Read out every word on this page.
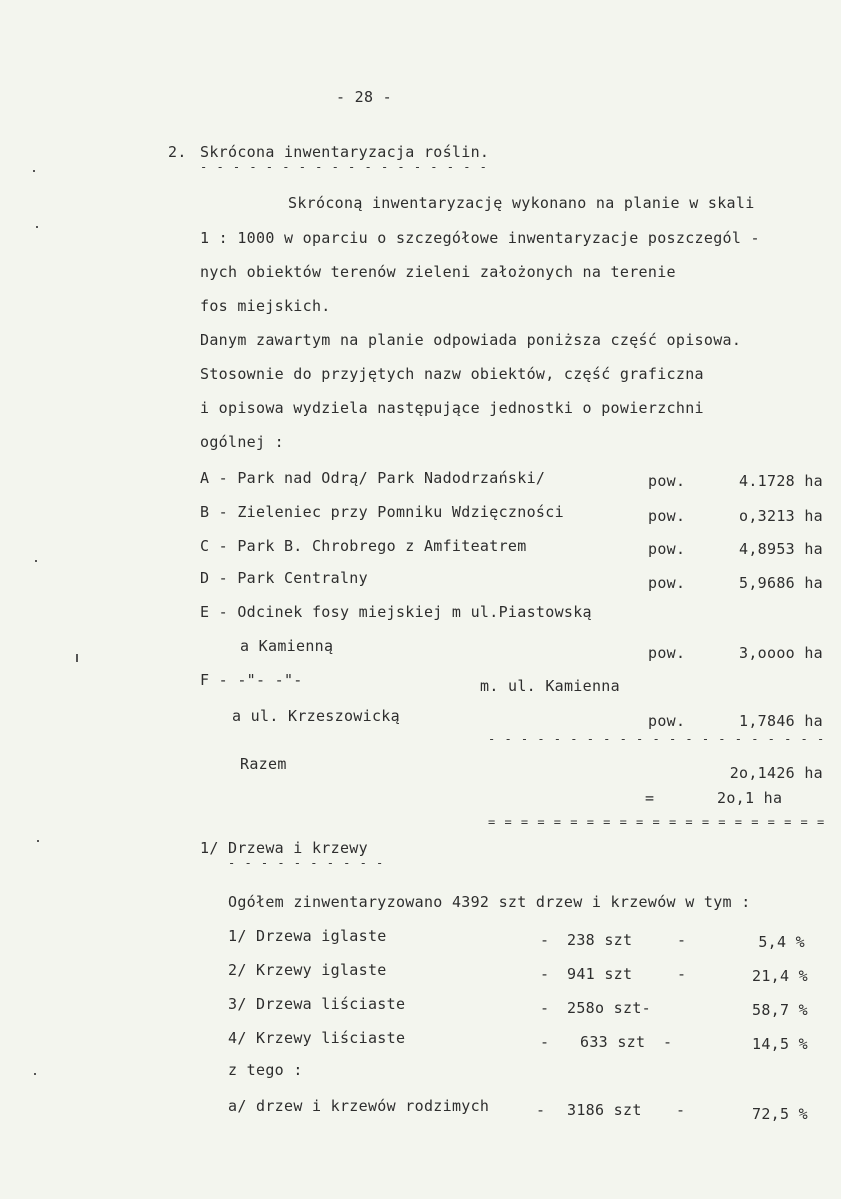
- 28 -
2. Skrócona inwentaryzacja roślin.
- - - - - - - - - - - - - - - - - -
Skróconą inwentaryzację wykonano na planie w skali
1 : 1000 w oparciu o szczegółowe inwentaryzacje poszczegól -
nych obiektów terenów zieleni założonych na terenie
fos miejskich.
Danym zawartym na planie odpowiada poniższa część opisowa.
Stosownie do przyjętych nazw obiektów, część graficzna
i opisowa wydziela następujące jednostki o powierzchni
ogólnej :
A - Park nad Odrą/ Park Nadodrzański/	pow.	4.1728 ha
B - Zieleniec przy Pomniku Wdzięczności	pow.	o,3213 ha
C - Park B. Chrobrego z Amfiteatrem	pow.	4,8953 ha
D - Park Centralny	pow.	5,9686 ha
E - Odcinek fosy miejskiej m ul.Piastowską
a Kamienną	pow.	3,oooo ha
F - -"- -"-	m. ul. Kamienna
a ul. Krzeszowicką	pow.	1,7846 ha
- - - - - - - - - - - - - - - - - - - - -
Razem	2o,1426 ha
=	2o,1 ha
= = = = = = = = = = = = = = = = = = = = =
1/ Drzewa i krzewy
- - - - - - - - - -
Ogółem zinwentaryzowano 4392 szt drzew i krzewów w tym :
1/ Drzewa iglaste	- 238 szt	-	5,4 %
2/ Krzewy iglaste	- 941 szt	-	21,4 %
3/ Drzewa liściaste	- 258o szt-	58,7 %
4/ Krzewy liściaste	- 633 szt -	14,5 %
z tego :
a/ drzew i krzewów rodzimych	- 3186 szt -	72,5 %
